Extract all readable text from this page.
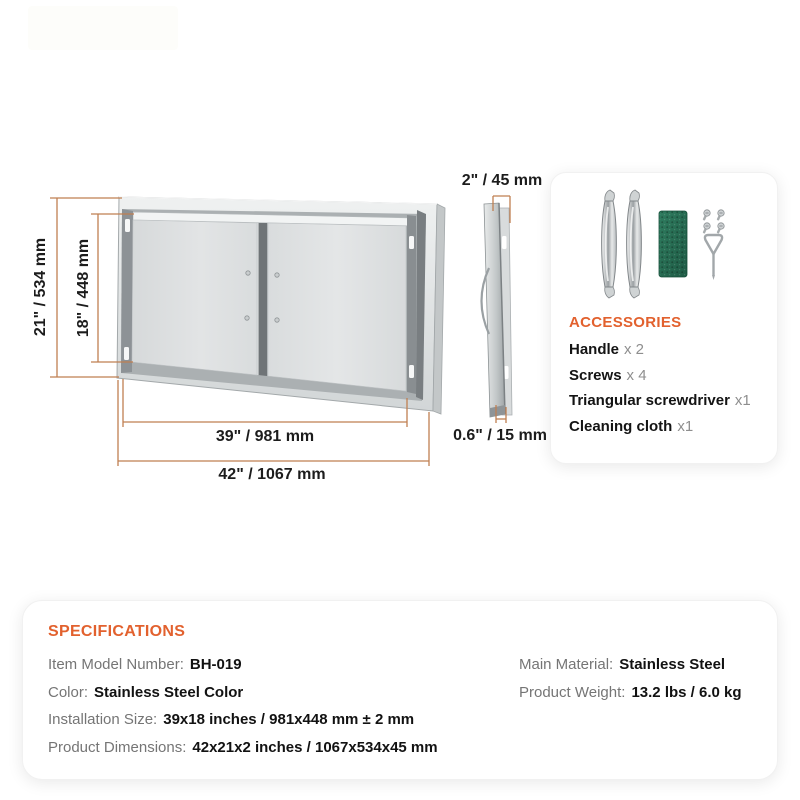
21" / 534 mm 18" / 448 mm
39" / 981 mm
42" / 1067 mm
2" / 45 mm
0.6" / 15 mm
ACCESSORIES
Handle x 2
Screws x 4
Triangular screwdriver x1
Cleaning cloth x1
SPECIFICATIONS
Item Model Number: BH-019
Color: Stainless Steel Color
Installation Size: 39x18 inches / 981x448 mm ± 2 mm
Product Dimensions: 42x21x2 inches / 1067x534x45 mm
Main Material: Stainless Steel
Product Weight: 13.2 lbs / 6.0 kg
